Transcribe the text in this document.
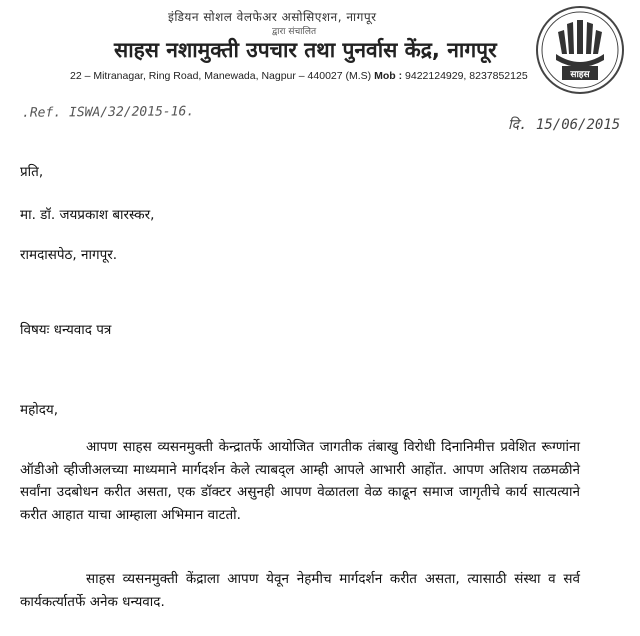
इंडियन सोशल वेलफेअर असोसिएशन, नागपूर
द्वारा संचालित
साहस नशामुक्ती उपचार तथा पुनर्वास केंद्र, नागपूर
22 – Mitranagar, Ring Road, Manewada, Nagpur – 440027 (M.S) Mob : 9422124929, 8237852125	साहस
.Ref. ISWA/32/2015-16.
दि. 15/06/2015
प्रति,
मा. डॉ. जयप्रकाश बारस्कर,
रामदासपेठ, नागपूर.
विषयः धन्यवाद पत्र
महोदय,
आपण साहस व्यसनमुक्ती केन्द्रातर्फे आयोजित जागतीक तंबाखु विरोधी दिनानिमीत्त प्रवेशित रूग्णांना ऑडीओ व्हीजीअलच्या माध्यमाने मार्गदर्शन केले त्याबद्ल आम्ही आपले आभारी आहोंत. आपण अतिशय तळमळीने सर्वांना उदबोधन करीत असता, एक डॉक्टर असुनही आपण वेळातला वेळ काढून समाज जागृतीचे कार्य सात्यत्याने करीत आहात याचा आम्हाला अभिमान वाटतो.
साहस व्यसनमुक्ती केंद्राला आपण येवून नेहमीच मार्गदर्शन करीत असता, त्यासाठी संस्था व सर्व कार्यकर्त्यातर्फे अनेक धन्यवाद.
